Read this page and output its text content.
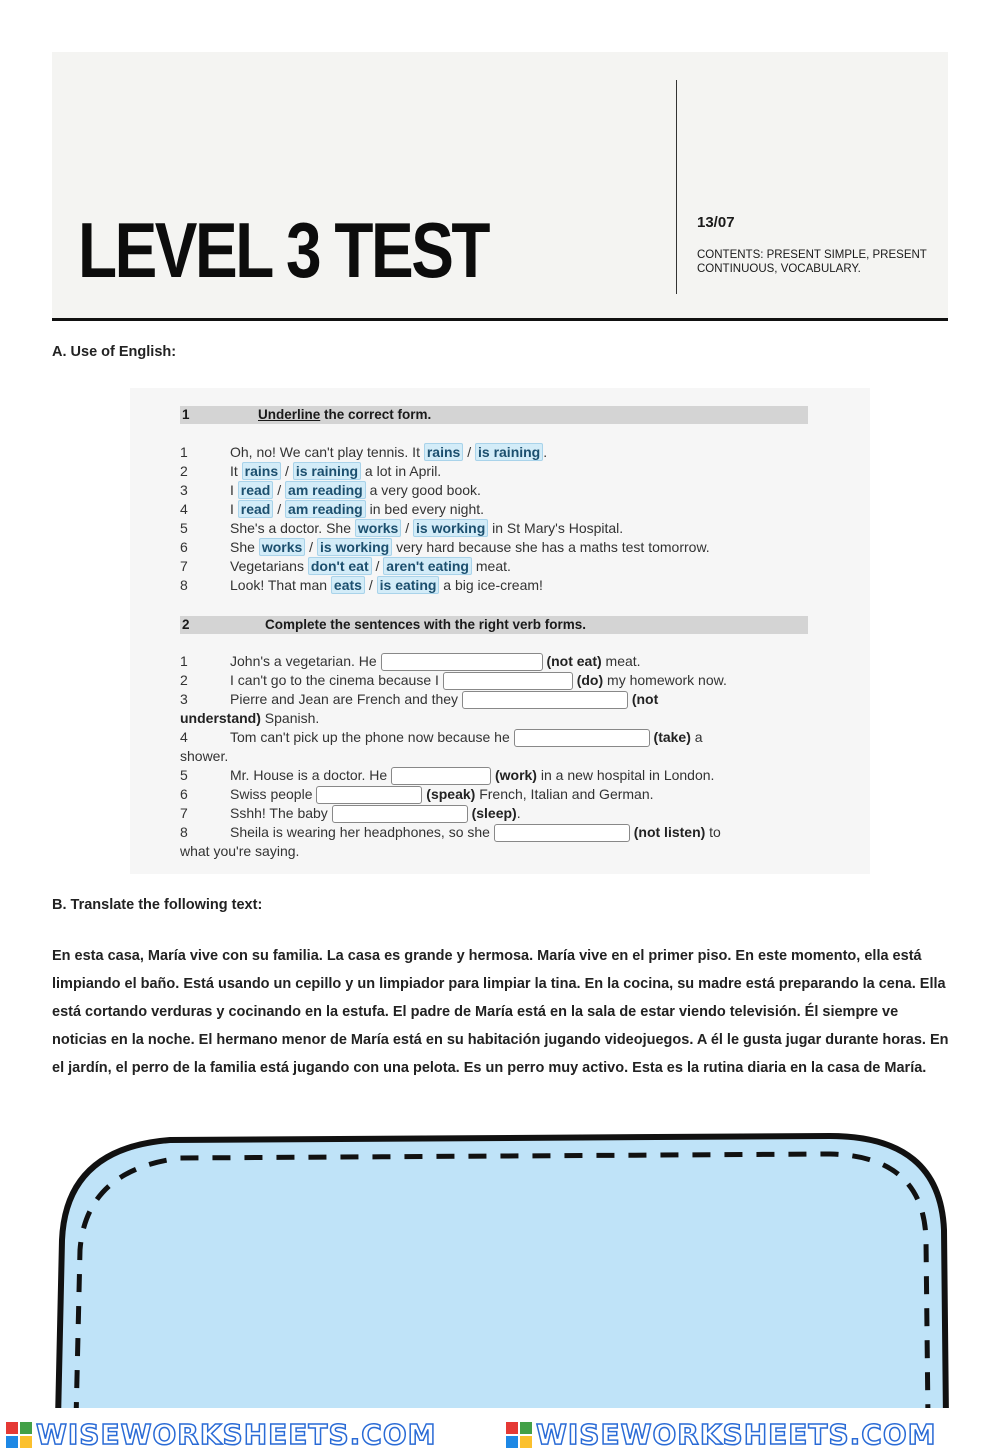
LEVEL 3 TEST	13/07
CONTENTS: PRESENT SIMPLE, PRESENT CONTINUOUS, VOCABULARY.
A. Use of English:
1	Underline the correct form.
1	Oh, no! We can't play tennis. It rains / is raining .
2	It rains / is raining a lot in April.
3	I read / am reading a very good book.
4	I read / am reading in bed every night.
5	She's a doctor. She works / is working in St Mary's Hospital.
6	She works / is working very hard because she has a maths test tomorrow.
7	Vegetarians don't eat / aren't eating meat.
8	Look! That man eats / is eating a big ice-cream!
2	Complete the sentences with the right verb forms.
1	John's a vegetarian. He	(not eat) meat.
2	I can't go to the cinema because I	(do) my homework now.
3	Pierre and Jean are French and they	(not
understand) Spanish.
4	Tom can't pick up the phone now because he	(take) a
shower.
5	Mr. House is a doctor. He	(work) in a new hospital in London.
6	Swiss people	(speak) French, Italian and German.
7	Sshh! The baby	(sleep).
8	Sheila is wearing her headphones, so she	(not listen) to
what you're saying.
B. Translate the following text:
En esta casa, María vive con su familia. La casa es grande y hermosa. María vive en el primer piso. En este momento, ella está limpiando el baño. Está usando un cepillo y un limpiador para limpiar la tina. En la cocina, su madre está preparando la cena. Ella está cortando verduras y cocinando en la estufa. El padre de María está en la sala de estar viendo televisión. Él siempre ve noticias en la noche. El hermano menor de María está en su habitación jugando videojuegos. A él le gusta jugar durante horas. En el jardín, el perro de la familia está jugando con una pelota. Es un perro muy activo. Esta es la rutina diaria en la casa de María.
WISEWORKSHEETS.COM	WISEWORKSHEETS.COM
